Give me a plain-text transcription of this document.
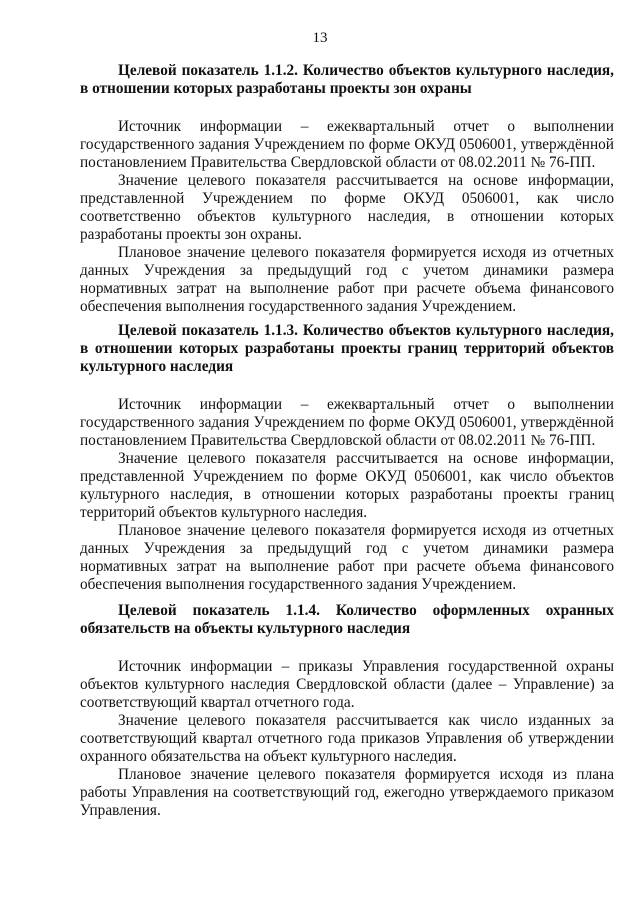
13

Целевой показатель 1.1.2. Количество объектов культурного наследия, в отношении которых разработаны проекты зон охраны

Источник информации – ежеквартальный отчет о выполнении государственного задания Учреждением по форме ОКУД 0506001, утверждённой постановлением Правительства Свердловской области от 08.02.2011 № 76-ПП.

Значение целевого показателя рассчитывается на основе информации, представленной Учреждением по форме ОКУД 0506001, как число соответственно объектов культурного наследия, в отношении которых разработаны проекты зон охраны.

Плановое значение целевого показателя формируется исходя из отчетных данных Учреждения за предыдущий год с учетом динамики размера нормативных затрат на выполнение работ при расчете объема финансового обеспечения выполнения государственного задания Учреждением.

Целевой показатель 1.1.3. Количество объектов культурного наследия, в отношении которых разработаны проекты границ территорий объектов культурного наследия

Источник информации – ежеквартальный отчет о выполнении государственного задания Учреждением по форме ОКУД 0506001, утверждённой постановлением Правительства Свердловской области от 08.02.2011 № 76-ПП.

Значение целевого показателя рассчитывается на основе информации, представленной Учреждением по форме ОКУД 0506001, как число объектов культурного наследия, в отношении которых разработаны проекты границ территорий объектов культурного наследия.

Плановое значение целевого показателя формируется исходя из отчетных данных Учреждения за предыдущий год с учетом динамики размера нормативных затрат на выполнение работ при расчете объема финансового обеспечения выполнения государственного задания Учреждением.

Целевой показатель 1.1.4. Количество оформленных охранных обязательств на объекты культурного наследия

Источник информации – приказы Управления государственной охраны объектов культурного наследия Свердловской области (далее – Управление) за соответствующий квартал отчетного года.

Значение целевого показателя рассчитывается как число изданных за соответствующий квартал отчетного года приказов Управления об утверждении охранного обязательства на объект культурного наследия.

Плановое значение целевого показателя формируется исходя из плана работы Управления на соответствующий год, ежегодно утверждаемого приказом Управления.
